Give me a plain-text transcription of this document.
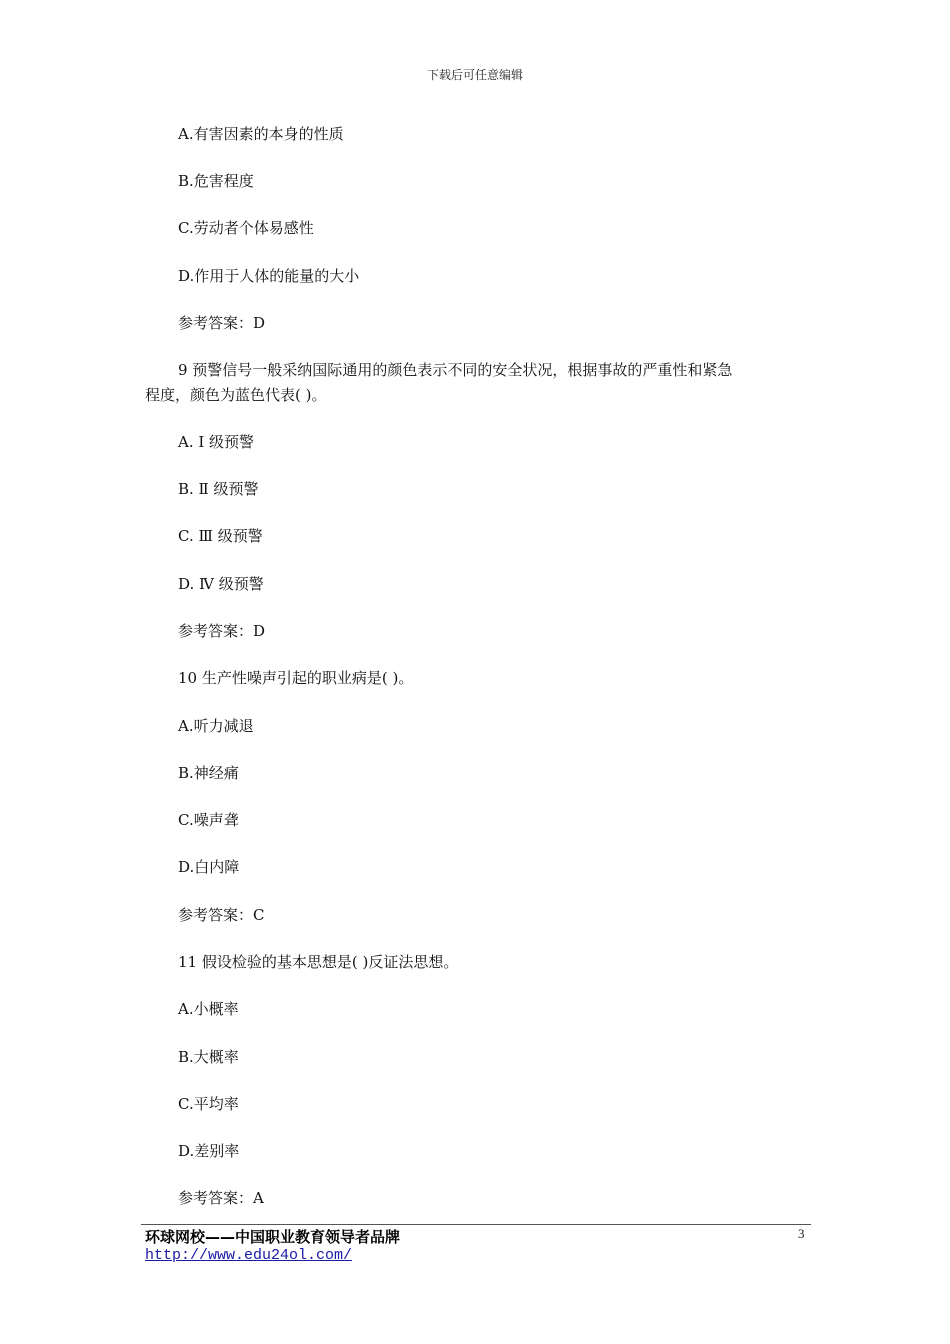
下载后可任意编辑
A.有害因素的本身的性质
B.危害程度
C.劳动者个体易感性
D.作用于人体的能量的大小
参考答案：D
9 预警信号一般采纳国际通用的颜色表示不同的安全状况，根据事故的严重性和紧急
程度，颜色为蓝色代表( )。
A. Ⅰ 级预警
B. Ⅱ 级预警
C. Ⅲ 级预警
D. Ⅳ 级预警
参考答案：D
10 生产性噪声引起的职业病是( )。
A.听力减退
B.神经痛
C.噪声聋
D.白内障
参考答案：C
11 假设检验的基本思想是( )反证法思想。
A.小概率
B.大概率
C.平均率
D.差别率
参考答案：A
环球网校——中国职业教育领导者品牌
http://www.edu24ol.com/
3
